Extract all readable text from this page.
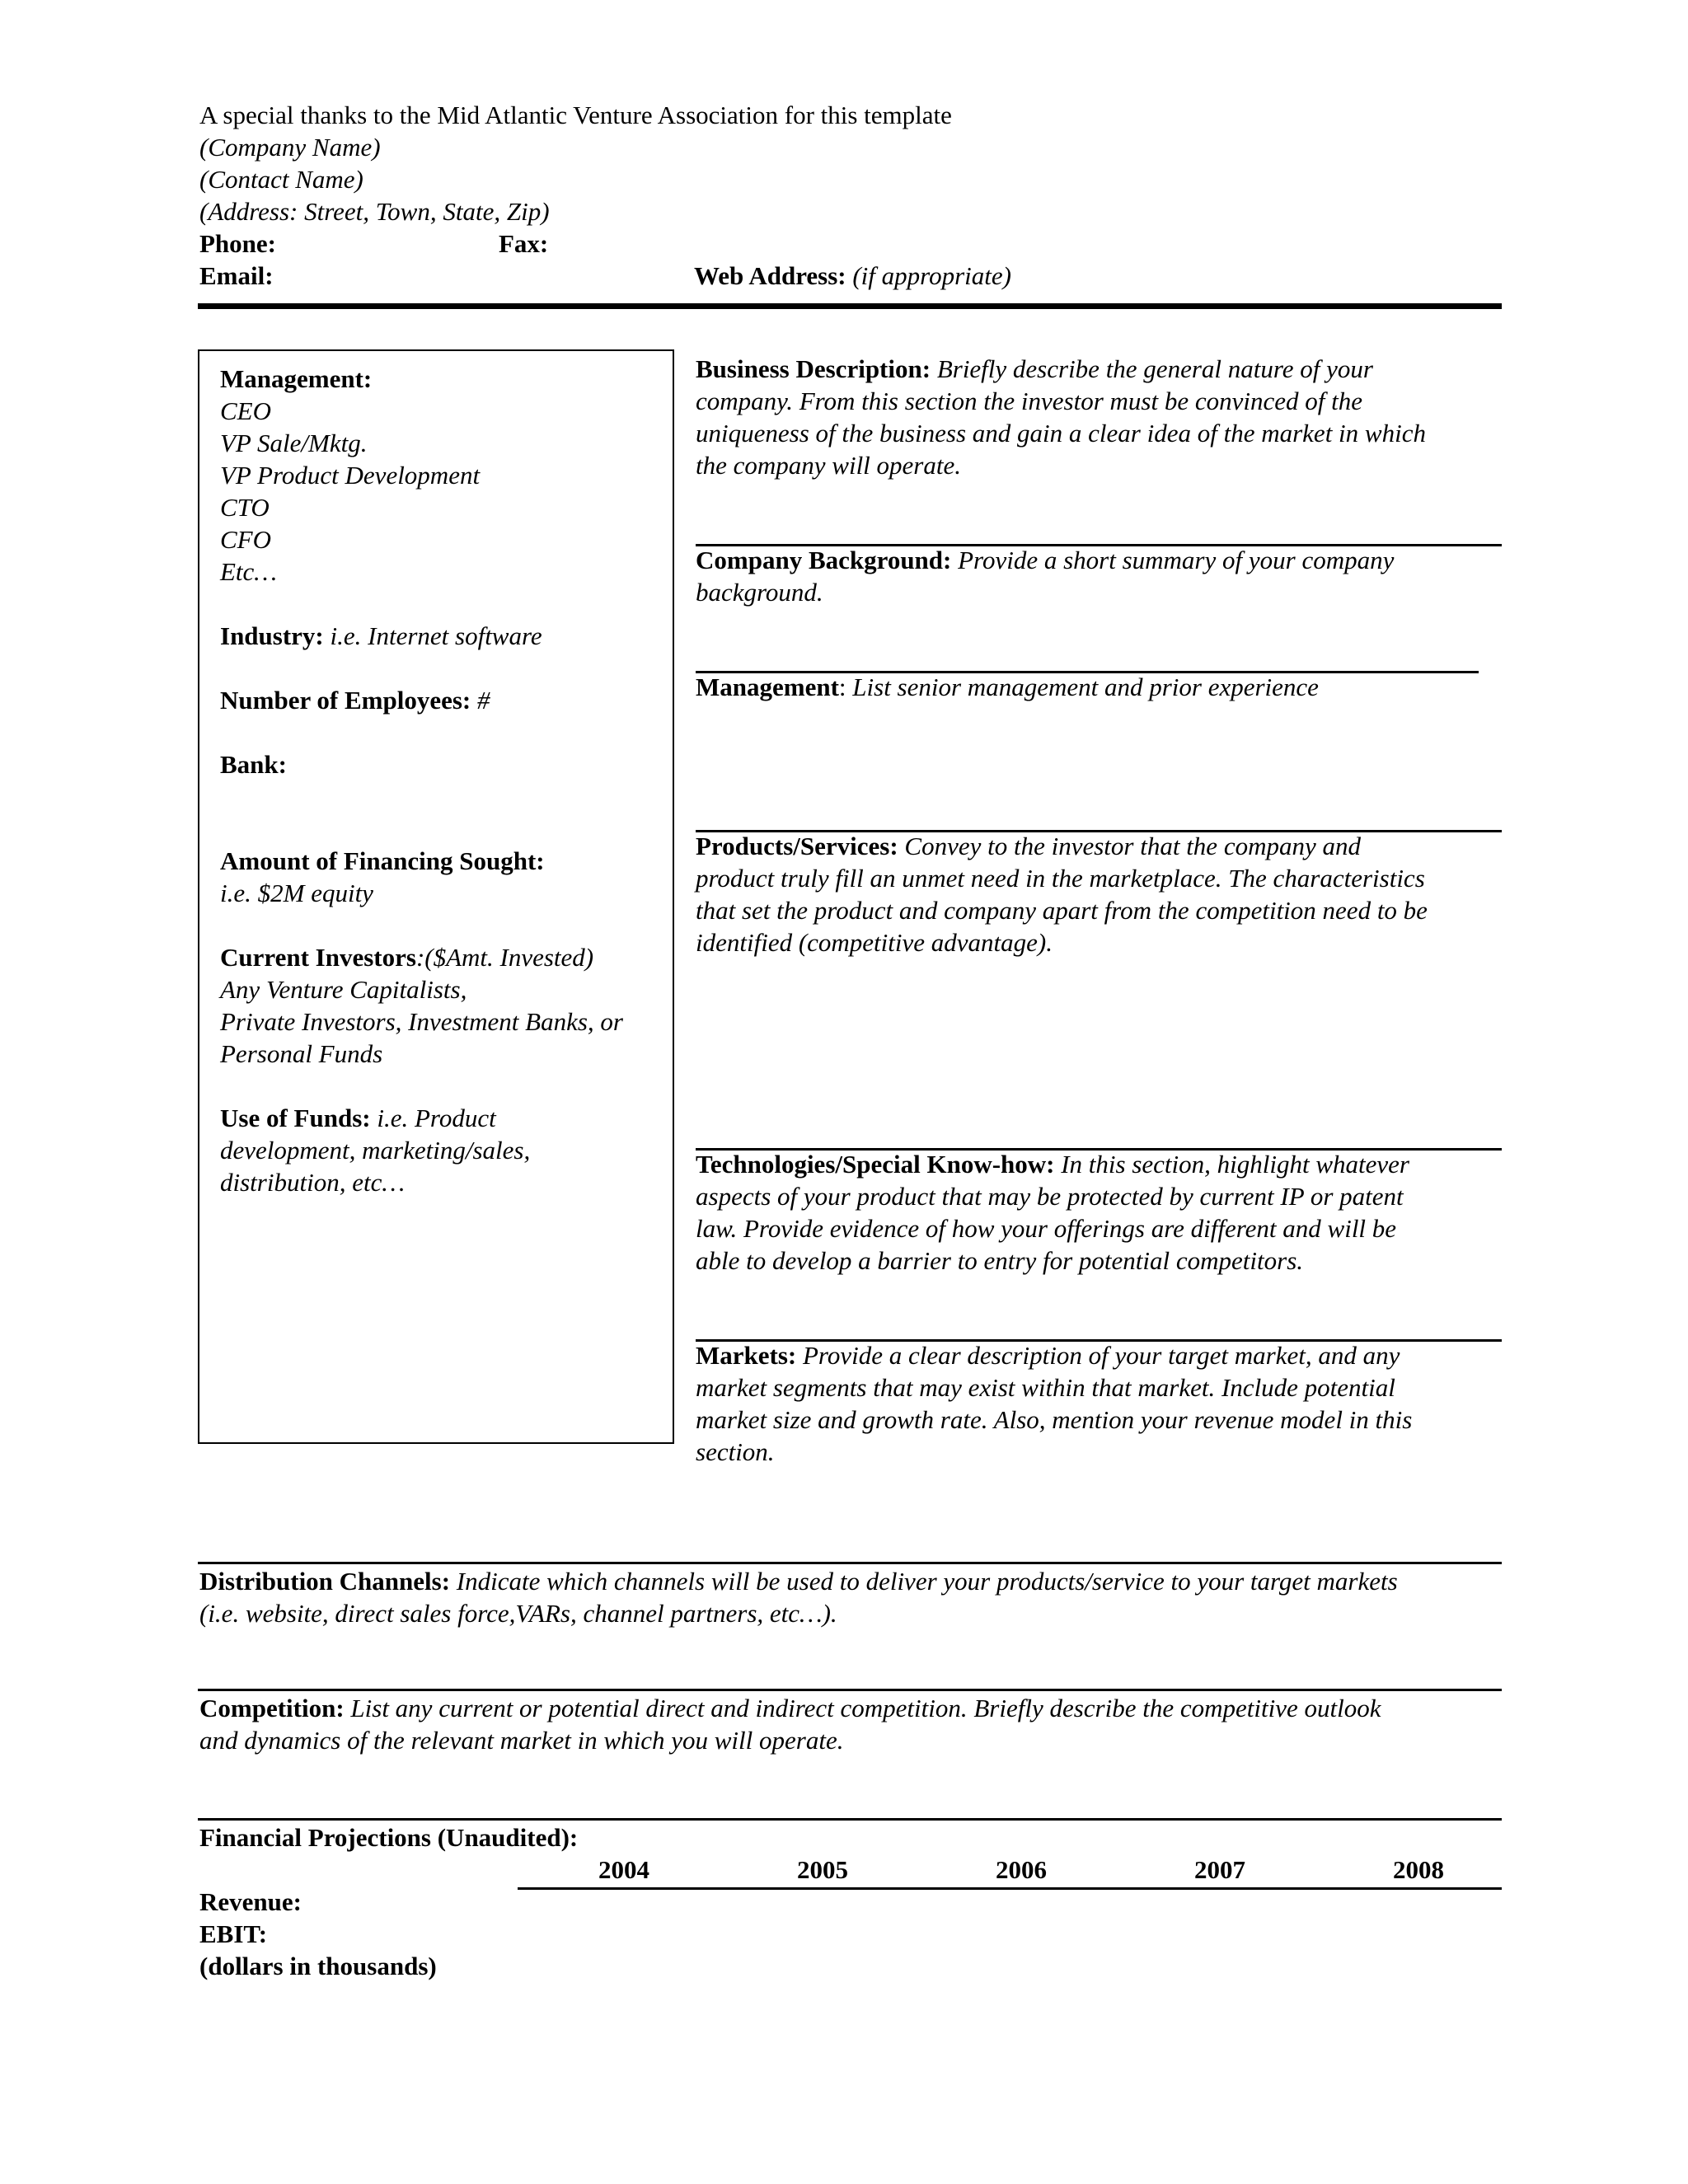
A special thanks to the Mid Atlantic Venture Association for this template
(Company Name)
(Contact Name)
(Address: Street, Town, State, Zip)
Phone:	Fax:
Email:	Web Address: (if appropriate)
Management:
CEO
VP Sale/Mktg.
VP Product Development
CTO
CFO
Etc…
Industry: i.e. Internet software
Number of Employees: #
Bank:
Amount of Financing Sought:
i.e. $2M equity
Current Investors:($Amt. Invested)
Any Venture Capitalists,
Private Investors, Investment Banks, or
Personal Funds
Use of Funds: i.e. Product
development, marketing/sales,
distribution, etc…
Business Description: Briefly describe the general nature of your
company. From this section the investor must be convinced of the
uniqueness of the business and gain a clear idea of the market in which
the company will operate.
Company Background: Provide a short summary of your company
background.
Management: List senior management and prior experience
Products/Services: Convey to the investor that the company and
product truly fill an unmet need in the marketplace. The characteristics
that set the product and company apart from the competition need to be
identified (competitive advantage).
Technologies/Special Know-how: In this section, highlight whatever
aspects of your product that may be protected by current IP or patent
law. Provide evidence of how your offerings are different and will be
able to develop a barrier to entry for potential competitors.
Markets: Provide a clear description of your target market, and any
market segments that may exist within that market. Include potential
market size and growth rate. Also, mention your revenue model in this
section.
Distribution Channels: Indicate which channels will be used to deliver your products/service to your target markets
(i.e. website, direct sales force,VARs, channel partners, etc…).
Competition: List any current or potential direct and indirect competition. Briefly describe the competitive outlook
and dynamics of the relevant market in which you will operate.
Financial Projections (Unaudited):
2004	2005	2006	2007	2008
Revenue:
EBIT:
(dollars in thousands)
